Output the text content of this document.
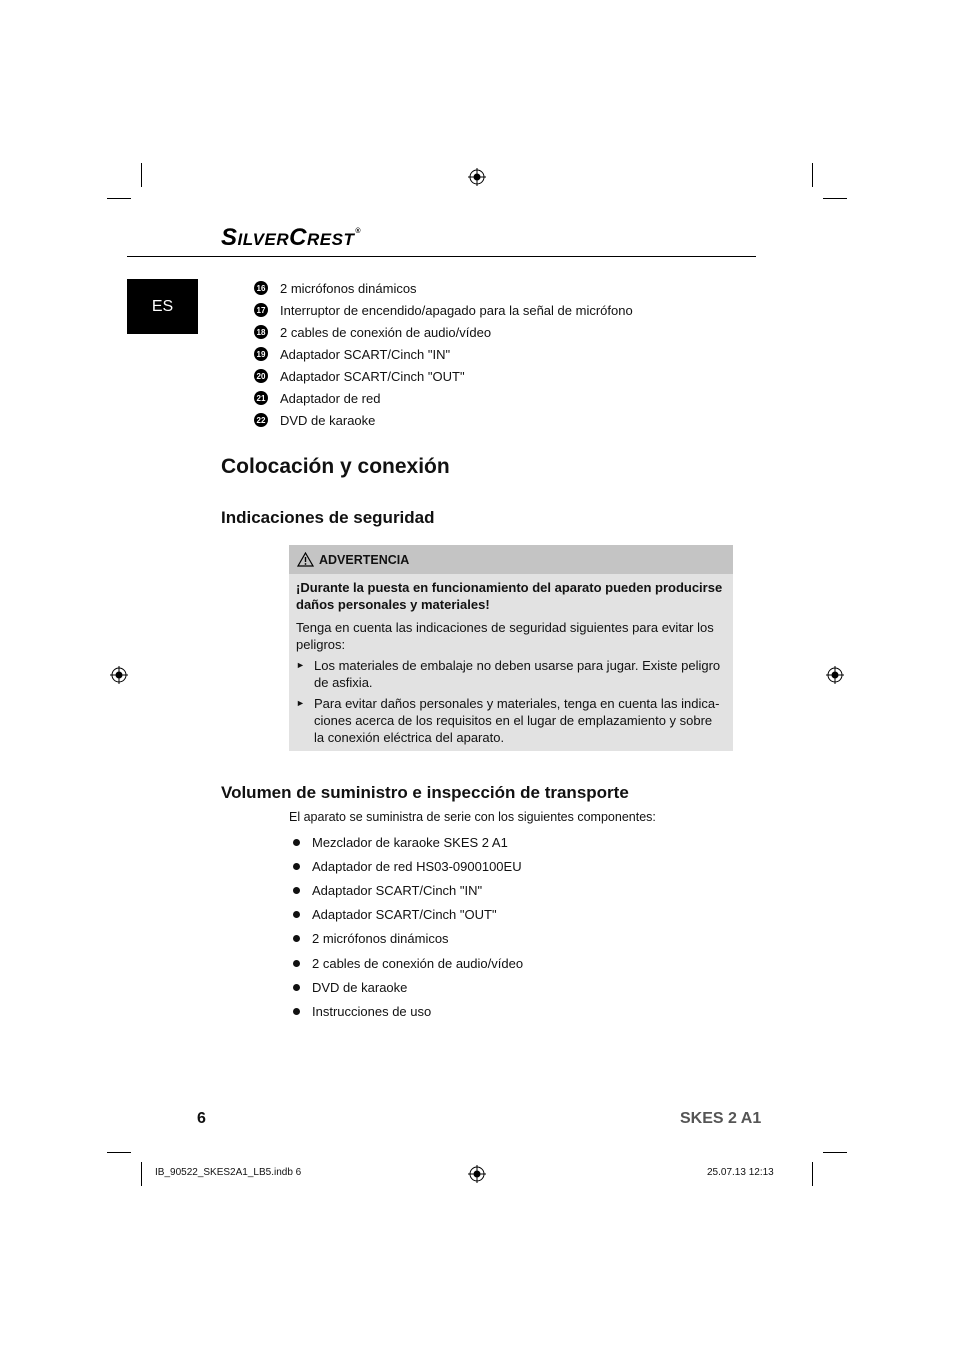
SILVERCREST®
ES
16 2 micrófonos dinámicos
17 Interruptor de encendido/apagado para la señal de micrófono
18 2 cables de conexión de audio/vídeo
19 Adaptador SCART/Cinch "IN"
20 Adaptador SCART/Cinch "OUT"
21 Adaptador de red
22 DVD de karaoke
Colocación y conexión
Indicaciones de seguridad
ADVERTENCIA

¡Durante la puesta en funcionamiento del aparato pueden producirse daños personales y materiales!

Tenga en cuenta las indicaciones de seguridad siguientes para evitar los peligros:

► Los materiales de embalaje no deben usarse para jugar. Existe peligro de asfixia.
► Para evitar daños personales y materiales, tenga en cuenta las indica-ciones acerca de los requisitos en el lugar de emplazamiento y sobre la conexión eléctrica del aparato.
Volumen de suministro e inspección de transporte
El aparato se suministra de serie con los siguientes componentes:
Mezclador de karaoke SKES 2 A1
Adaptador de red HS03-0900100EU
Adaptador SCART/Cinch "IN"
Adaptador SCART/Cinch "OUT"
2 micrófonos dinámicos
2 cables de conexión de audio/vídeo
DVD de karaoke
Instrucciones de uso
6	SKES 2 A1
IB_90522_SKES2A1_LB5.indb 6	25.07.13 12:13
